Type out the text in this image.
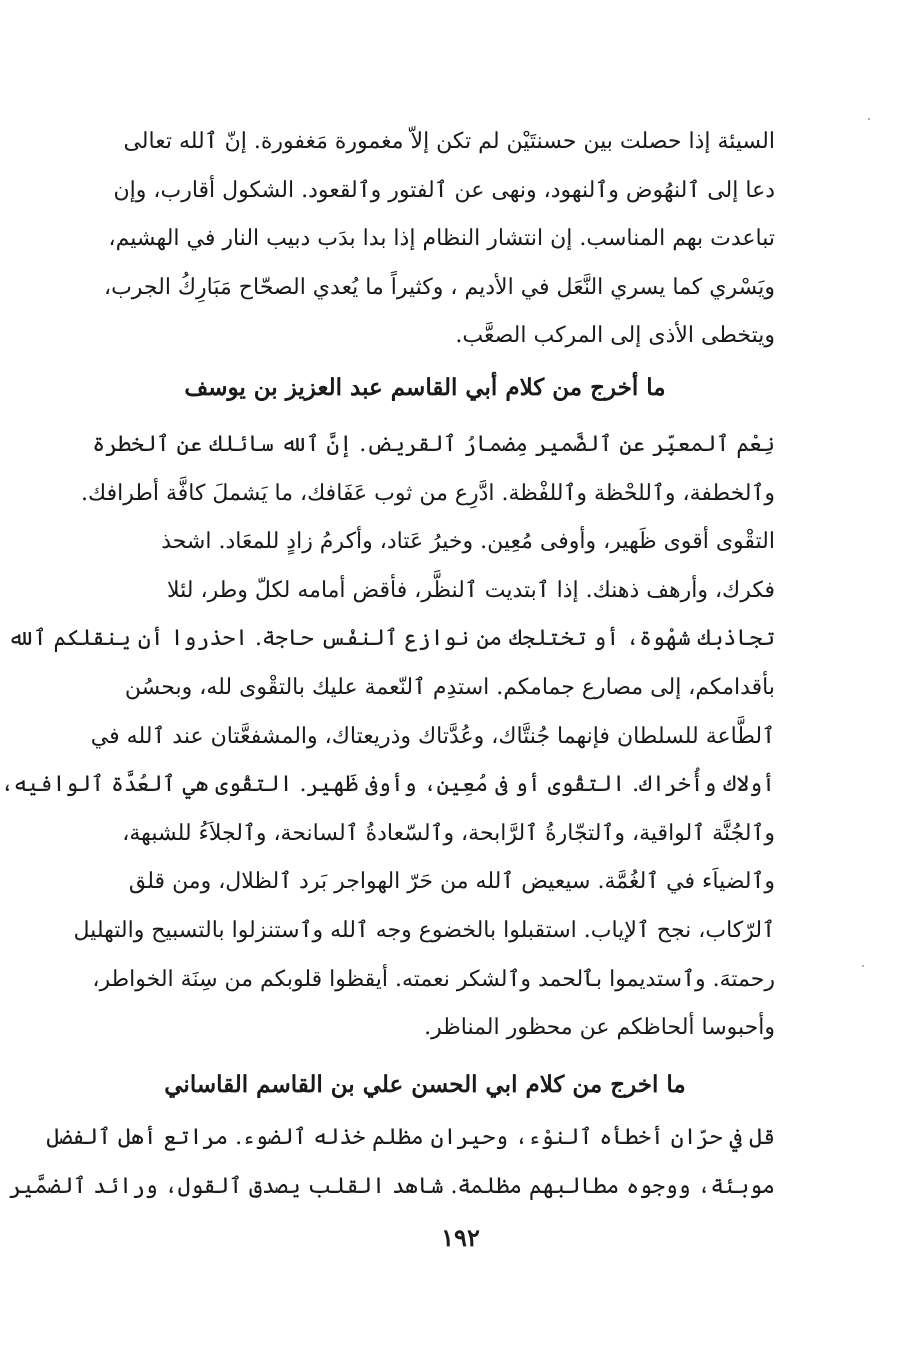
السيئة إذا حصلت بين حسنتَيْن لم تكن إلاّ مغمورة مَغفورة. إنّ ٱلله تعالى
دعا إلى ٱلنهُوض وٱلنهود، ونهى عن ٱلفتور وٱلقعود. الشكول أقارب، وإن
تباعدت بهم المناسب. إن انتشار النظام إذا بدا بدَب دبيب النار في الهشيم،
ويَسْري كما يسري النَّعَل في الأديم ، وكثيراً ما يُعدي الصحّاح مَبَارِكُ الجرب،
ويتخطى الأذى إلى المركب الصعَّب.

ما أخرج من كلام أبي القاسم عبد العزيز بن يوسف

نِعْم ٱلمعبِّر عن ٱلضَّمير مِضمارُ ٱلقريض. إنَّ ٱلله سائلك عن ٱلخطرة
وٱلخطفة، وٱللحْظة وٱللفْظة. ادَّرِع من ثوب عَفَافك، ما يَشملَ كافَّة أطرافك.
التقْوى أقوى ظَهير، وأوفى مُعِين. وخيرُ عَتاد، وأكرمُ زادٍ للمعَاد. اشحذ
فكرك، وأرهف ذهنك. إذا ٱبتديت ٱلنظَّر، فأقض أمامه لكلّ وطر، لئلا
تجاذبك شهْوة، أو تختلجك من نوازع ٱلنفْس حاجة. احذروا أن ينقلكم ٱلله
بأقدامكم، إلى مصارع جمامكم. استدِم ٱلنّعمة عليك بالتقْوى لله، وبحسُن
ٱلطَّاعة للسلطان فإنهما جُنتَّاك، وعُدَّتاك وذريعتاك، والمشفعَّتان عند ٱلله في
أولاك وأُخراك. التقْوى أو فى مُعِين، وأوفى ظَهير. التقْوى هي ٱلعُدَّة ٱلوافيه،
وٱلجُنَّة ٱلواقية، وٱلتجّارةُ ٱلرَّابحة، وٱلسّعادةُ ٱلسانحة، وٱلجلاَءُ للشبهة،
وٱلضياَء في ٱلغُمَّة. سيعيض ٱلله من حَرّ الهواجر بَرد ٱلظلال، ومن قلق
ٱلرّكاب، نجح ٱلإياب. استقبلوا بالخضوع وجه ٱلله وٱستنزلوا بالتسبيح والتهليل
رحمتهَ. وٱستديموا بٱلحمد وٱلشكر نعمته. أيقظوا قلوبكم من سِنَة الخواطر،
وأحبوسا ألحاظكم عن محظور المناظر.

ما اخرج من كلام ابي الحسن علي بن القاسم القاساني

قل في حرّان أخطأه ٱلنوْء، وحيران مظلم خذله ٱلضوء. مراتع أهل ٱلفضل
موبئة، ووجوه مطالبهم مظلمة. شاهد القلب يصدق ٱلقول، ورائد ٱلضمَّير

١٩٢
